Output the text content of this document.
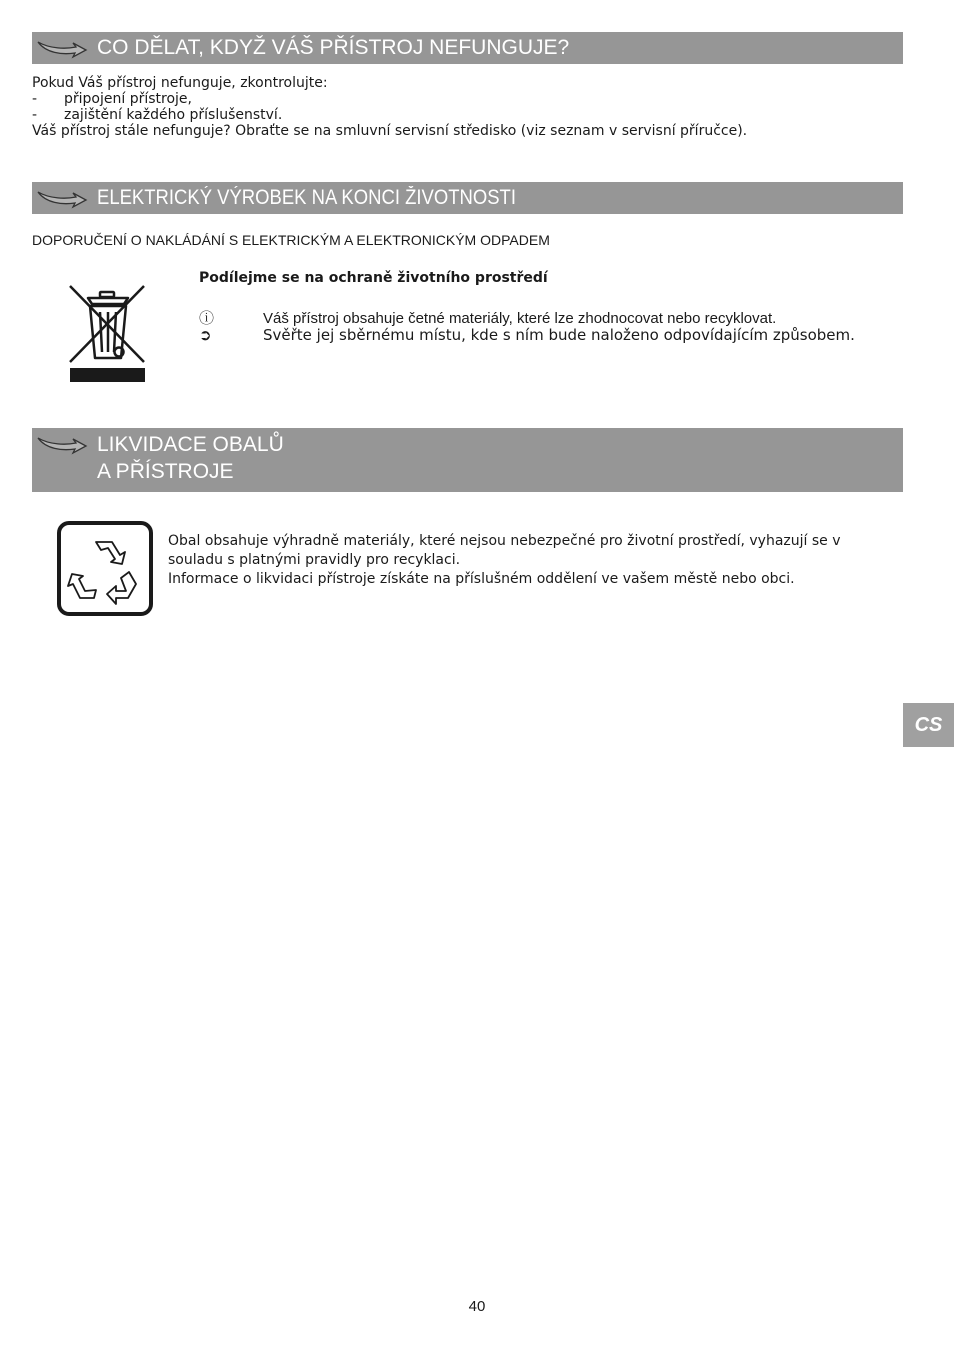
CO DĚLAT, KDYŽ VÁŠ PŘÍSTROJ NEFUNGUJE?
Pokud Váš přístroj nefunguje, zkontrolujte:
- připojení přístroje,
- zajištění každého příslušenství.
Váš přístroj stále nefunguje? Obraťte se na smluvní servisní středisko (viz seznam v servisní příručce).
ELEKTRICKÝ VÝROBEK NA KONCI ŽIVOTNOSTI
DOPORUČENÍ O NAKLÁDÁNÍ S ELEKTRICKÝM A ELEKTRONICKÝM ODPADEM
Podílejme se na ochraně životního prostředí
ⓘ	Váš přístroj obsahuje četné materiály, které lze zhodnocovat nebo recyklovat.
➲	Svěřte jej sběrnému místu, kde s ním bude naloženo odpovídajícím způsobem.
LIKVIDACE OBALŮ
A PŘÍSTROJE
Obal obsahuje výhradně materiály, které nejsou nebezpečné pro životní prostředí, vyhazují se v
souladu s platnými pravidly pro recyklaci.
Informace o likvidaci přístroje získáte na příslušném oddělení ve vašem městě nebo obci.
CS
40
